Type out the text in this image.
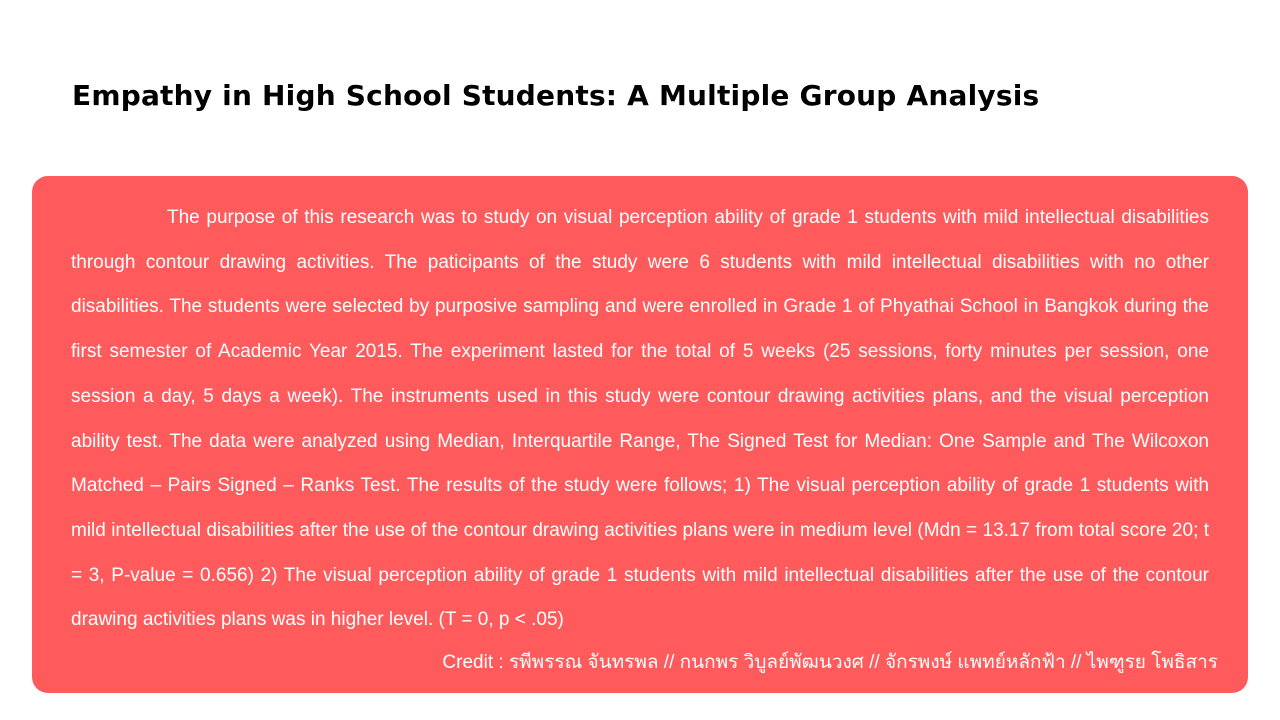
Empathy in High School Students: A Multiple Group Analysis

The purpose of this research was to study on visual perception ability of grade 1 students with mild intellectual disabilities through contour drawing activities. The paticipants of the study were 6 students with mild intellectual disabilities with no other disabilities. The students were selected by purposive sampling and were enrolled in Grade 1 of Phyathai School in Bangkok during the first semester of Academic Year 2015. The experiment lasted for the total of 5 weeks (25 sessions, forty minutes per session, one session a day, 5 days a week). The instruments used in this study were contour drawing activities plans, and the visual perception ability test. The data were analyzed using Median, Interquartile Range, The Signed Test for Median: One Sample and The Wilcoxon Matched – Pairs Signed – Ranks Test. The results of the study were follows; 1) The visual perception ability of grade 1 students with mild intellectual disabilities after the use of the contour drawing activities plans were in medium level (Mdn = 13.17 from total score 20; t = 3, P-value = 0.656) 2) The visual perception ability of grade 1 students with mild intellectual disabilities after the use of the contour drawing activities plans was in higher level. (T = 0, p < .05)

Credit : รพีพรรณ จันทรพล // กนกพร วิบูลย์พัฒนวงศ // จักรพงษ์ แพทย์หลักฟ้า // ไพฑูรย โพธิสาร
